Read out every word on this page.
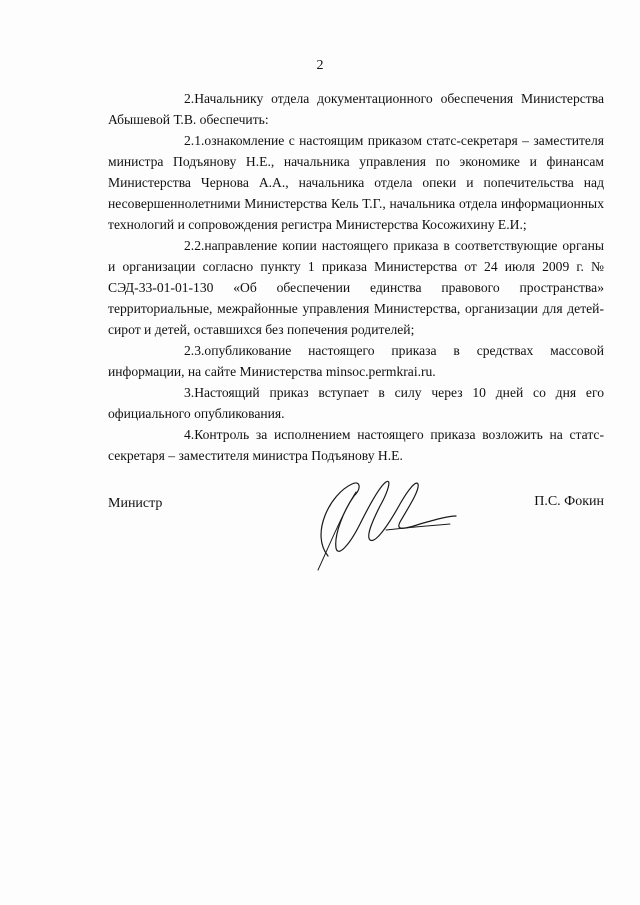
2

2.Начальнику отдела документационного обеспечения Министерства Абышевой Т.В. обеспечить:

2.1.ознакомление с настоящим приказом статс-секретаря – заместителя министра Подъянову Н.Е., начальника управления по экономике и финансам Министерства Чернова А.А., начальника отдела опеки и попечительства над несовершеннолетними Министерства Кель Т.Г., начальника отдела информационных технологий и сопровождения регистра Министерства Косожихину Е.И.;

2.2.направление копии настоящего приказа в соответствующие органы и организации согласно пункту 1 приказа Министерства от 24 июля 2009 г. № СЭД-33-01-01-130 «Об обеспечении единства правового пространства» территориальные, межрайонные управления Министерства, организации для детей-сирот и детей, оставшихся без попечения родителей;

2.3.опубликование настоящего приказа в средствах массовой информации, на сайте Министерства minsoc.permkrai.ru.

3.Настоящий приказ вступает в силу через 10 дней со дня его официального опубликования.

4.Контроль за исполнением настоящего приказа возложить на статс-секретаря – заместителя министра Подъянову Н.Е.

Министр	П.С. Фокин
